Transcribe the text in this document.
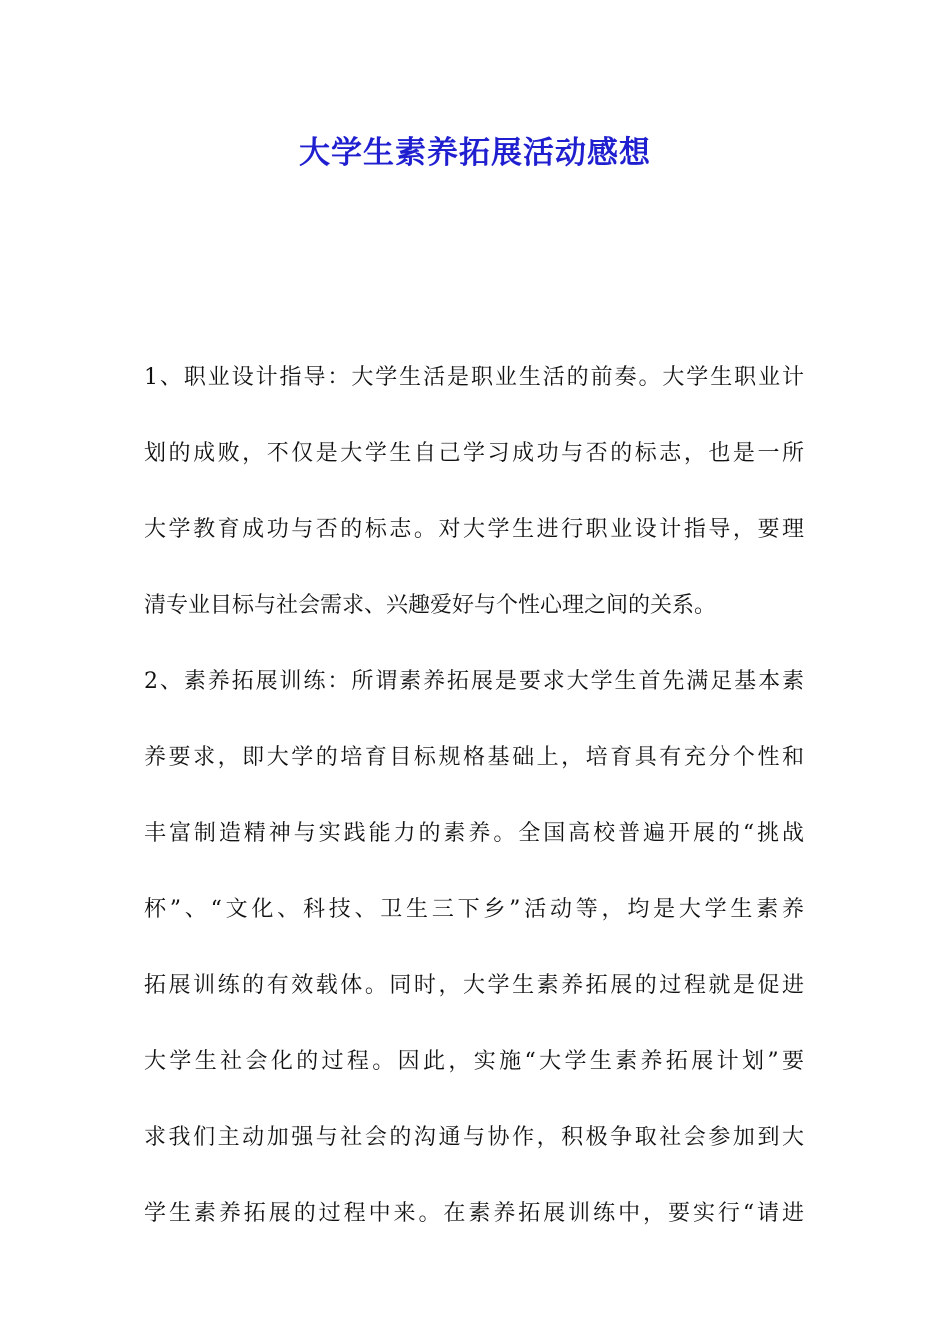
大学生素养拓展活动感想
1、职业设计指导：大学生活是职业生活的前奏。大学生职业计
划的成败，不仅是大学生自己学习成功与否的标志，也是一所
大学教育成功与否的标志。对大学生进行职业设计指导，要理
清专业目标与社会需求、兴趣爱好与个性心理之间的关系。
2、素养拓展训练：所谓素养拓展是要求大学生首先满足基本素
养要求，即大学的培育目标规格基础上，培育具有充分个性和
丰富制造精神与实践能力的素养。全国高校普遍开展的“挑战
杯”、“文化、科技、卫生三下乡”活动等，均是大学生素养
拓展训练的有效载体。同时，大学生素养拓展的过程就是促进
大学生社会化的过程。因此，实施“大学生素养拓展计划”要
求我们主动加强与社会的沟通与协作，积极争取社会参加到大
学生素养拓展的过程中来。在素养拓展训练中，要实行“请进
